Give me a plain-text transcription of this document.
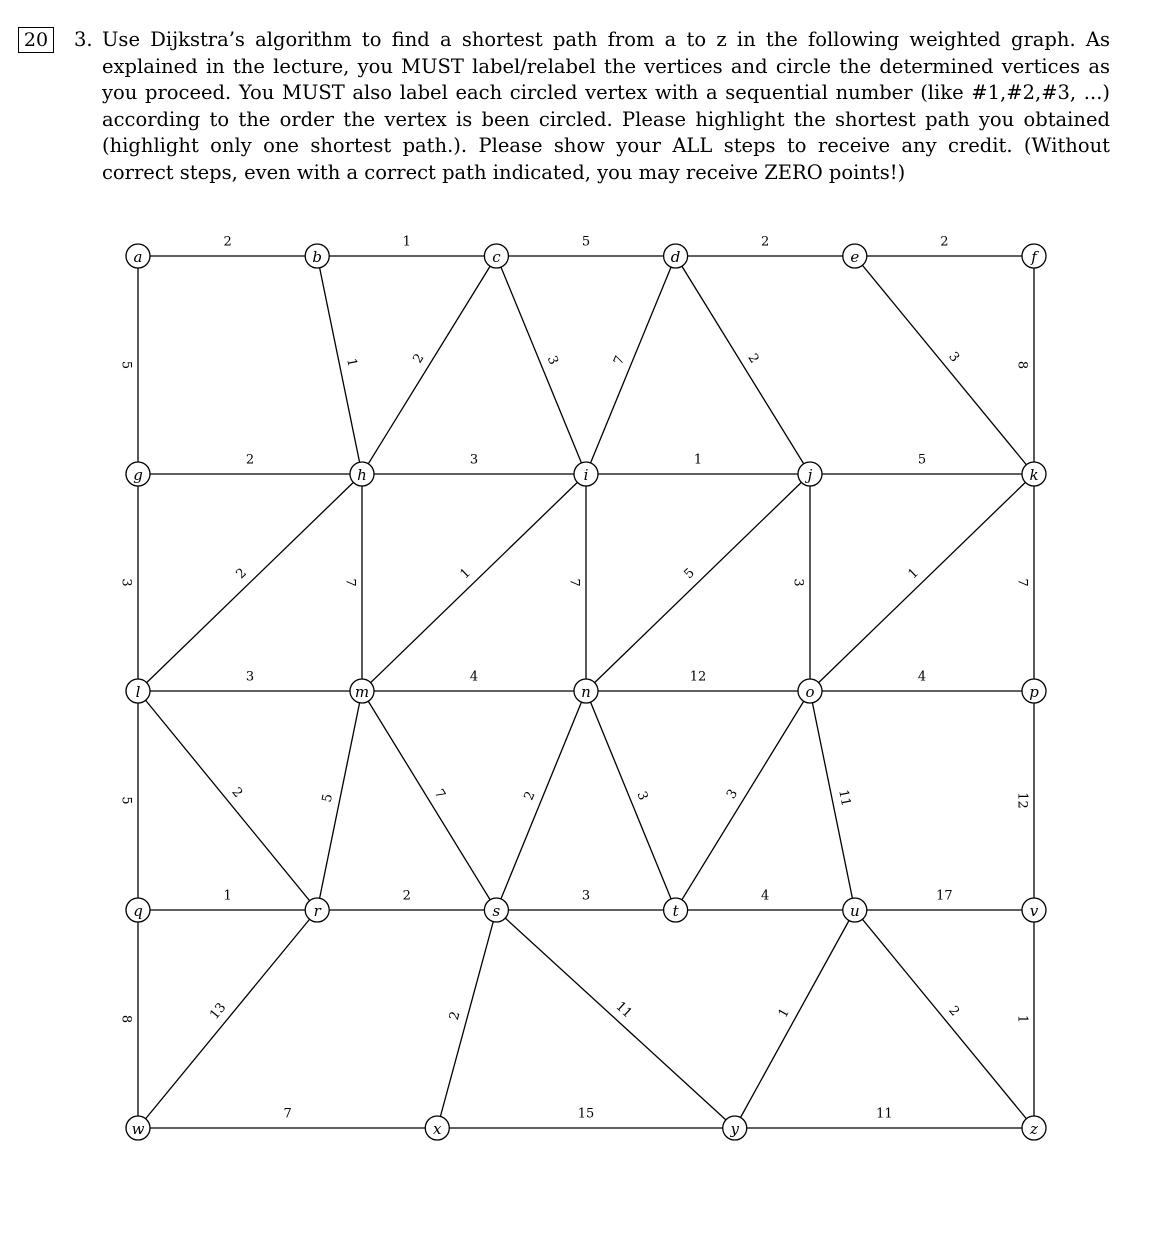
20	3. Use Dijkstra’s algorithm to find a shortest path from a to z in the following weighted graph. As explained in the lecture, you MUST label/relabel the vertices and circle the determined vertices as you proceed. You MUST also label each circled vertex with a sequential number (like #1,#2,#3, ...) according to the order the vertex is been circled. Please highlight the shortest path you obtained (highlight only one shortest path.). Please show your ALL steps to receive any credit. (Without correct steps, even with a correct path indicated, you may receive ZERO points!)
2	1	5	2	2
5	1	2	3	7	2	3	8
2	3	1	5
3
2
7
1
7
5
3
1
7
3	4	12	4
5	2	5	7	2	3	3	11	12
1	2	3	4	17
8	13	2	11	1	2	1
7	15	11
a	b	c	d	e	f
g	h	i	j	k
l	m	n	o	p
q	r	s	t	u	v
w	x	y	z
